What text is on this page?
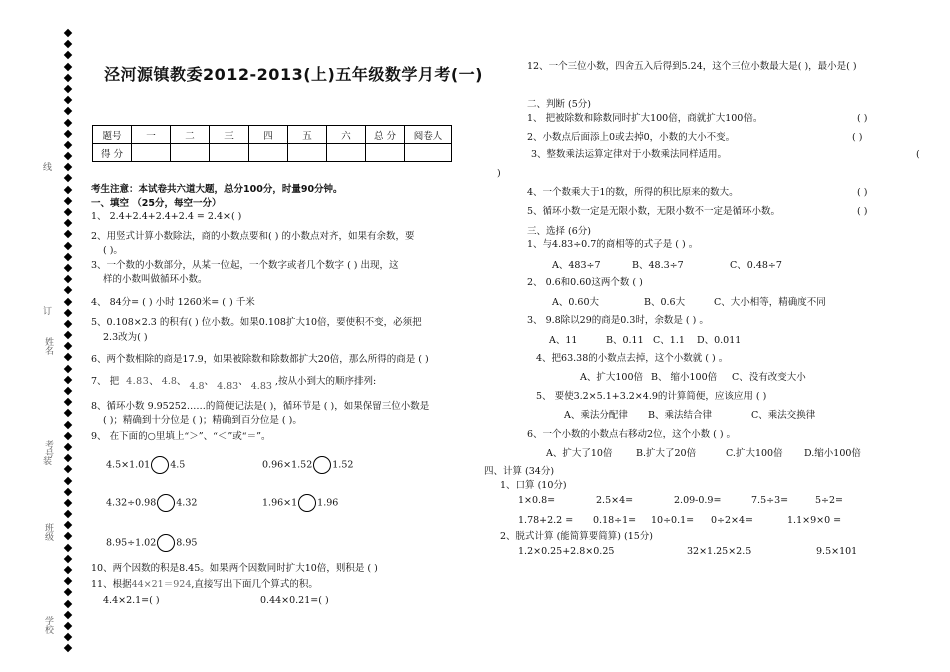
线
订
装
姓名
考号
班级
学校
泾河源镇教委2012-2013(上)五年级数学月考(一)
题号	一	二	三	四	五	六	总 分	阅卷人
得 分								
考生注意：本试卷共六道大题，总分100分，时量90分钟。
一、填空 （25分，每空一分）
1、 2.4+2.4+2.4+2.4 = 2.4×( )
2、用竖式计算小数除法，商的小数点要和( ) 的小数点对齐，如果有余数，要
( )。
3、一个数的小数部分，从某一位起，一个数字或者几个数字 ( ) 出现，这
样的小数叫做循环小数。
4、 84分= ( ) 小时 1260米= ( ) 千米
5、0.108×2.3 的积有( ) 位小数。如果0.108扩大10倍，要使积不变，必须把
2.3改为( )
6、两个数相除的商是17.9，如果被除数和除数都扩大20倍，那么所得的商是 ( )
7、 把 4.83、 4.8、 4.8、 4.83、 4.83 ,按从小到大的顺序排列:
8、循环小数 9.95252……的简便记法是( )，循环节是 ( )，如果保留三位小数是
( )；精确到十分位是 ( )；精确到百分位是 ( )。
9、 在下面的○里填上“＞”、“＜”或“＝”。
4.5×1.01 4.5	0.96×1.52 1.52
4.32÷0.98 4.32	1.96×1 1.96
8.95÷1.02 8.95
10、两个因数的积是8.45。如果两个因数同时扩大10倍，则积是 ( )
11、根据44×21＝924,直接写出下面几个算式的积。
4.4×2.1=( )	0.44×0.21=( )
12、一个三位小数，四舍五入后得到5.24，这个三位小数最大是( )，最小是( )
二、判断 (5分)
1、 把被除数和除数同时扩大100倍，商就扩大100倍。	( )
2、小数点后面添上0或去掉0，小数的大小不变。	( )
3、整数乘法运算定律对于小数乘法同样适用。	(
)
4、一个数乘大于1的数，所得的积比原来的数大。	( )
5、循环小数一定是无限小数，无限小数不一定是循环小数。	( )
三、选择 (6分)
1、与4.83÷0.7的商相等的式子是 ( ) 。
A、483÷7	B、48.3÷7	C、0.48÷7
2、 0.6和0.60这两个数 ( )
A、0.60大	B、0.6大	C、大小相等，精确度不同
3、 9.8除以29的商是0.3时，余数是 ( ) 。
A、11	B、0.11 C、1.1 D、0.011
4、把63.38的小数点去掉，这个小数就 ( ) 。
A、扩大100倍 B、 缩小100倍 C、没有改变大小
5、 要使3.2×5.1+3.2×4.9的计算简便，应该应用 ( )
A、乘法分配律 B、乘法结合律	C、乘法交换律
6、一个小数的小数点右移动2位，这个小数 ( ) 。
A、扩大了10倍 B.扩大了20倍	C.扩大100倍 D.缩小100倍
四、计算 (34分)
1、口算 (10分)
1×0.8=	2.5×4=	2.09-0.9=	7.5÷3=	5÷2=
1.78+2.2 = 0.18÷1= 10÷0.1= 0÷2×4=	1.1×9×0 =
2、脱式计算 (能简算要简算) (15分)
1.2×0.25+2.8×0.25	32×1.25×2.5	9.5×101
